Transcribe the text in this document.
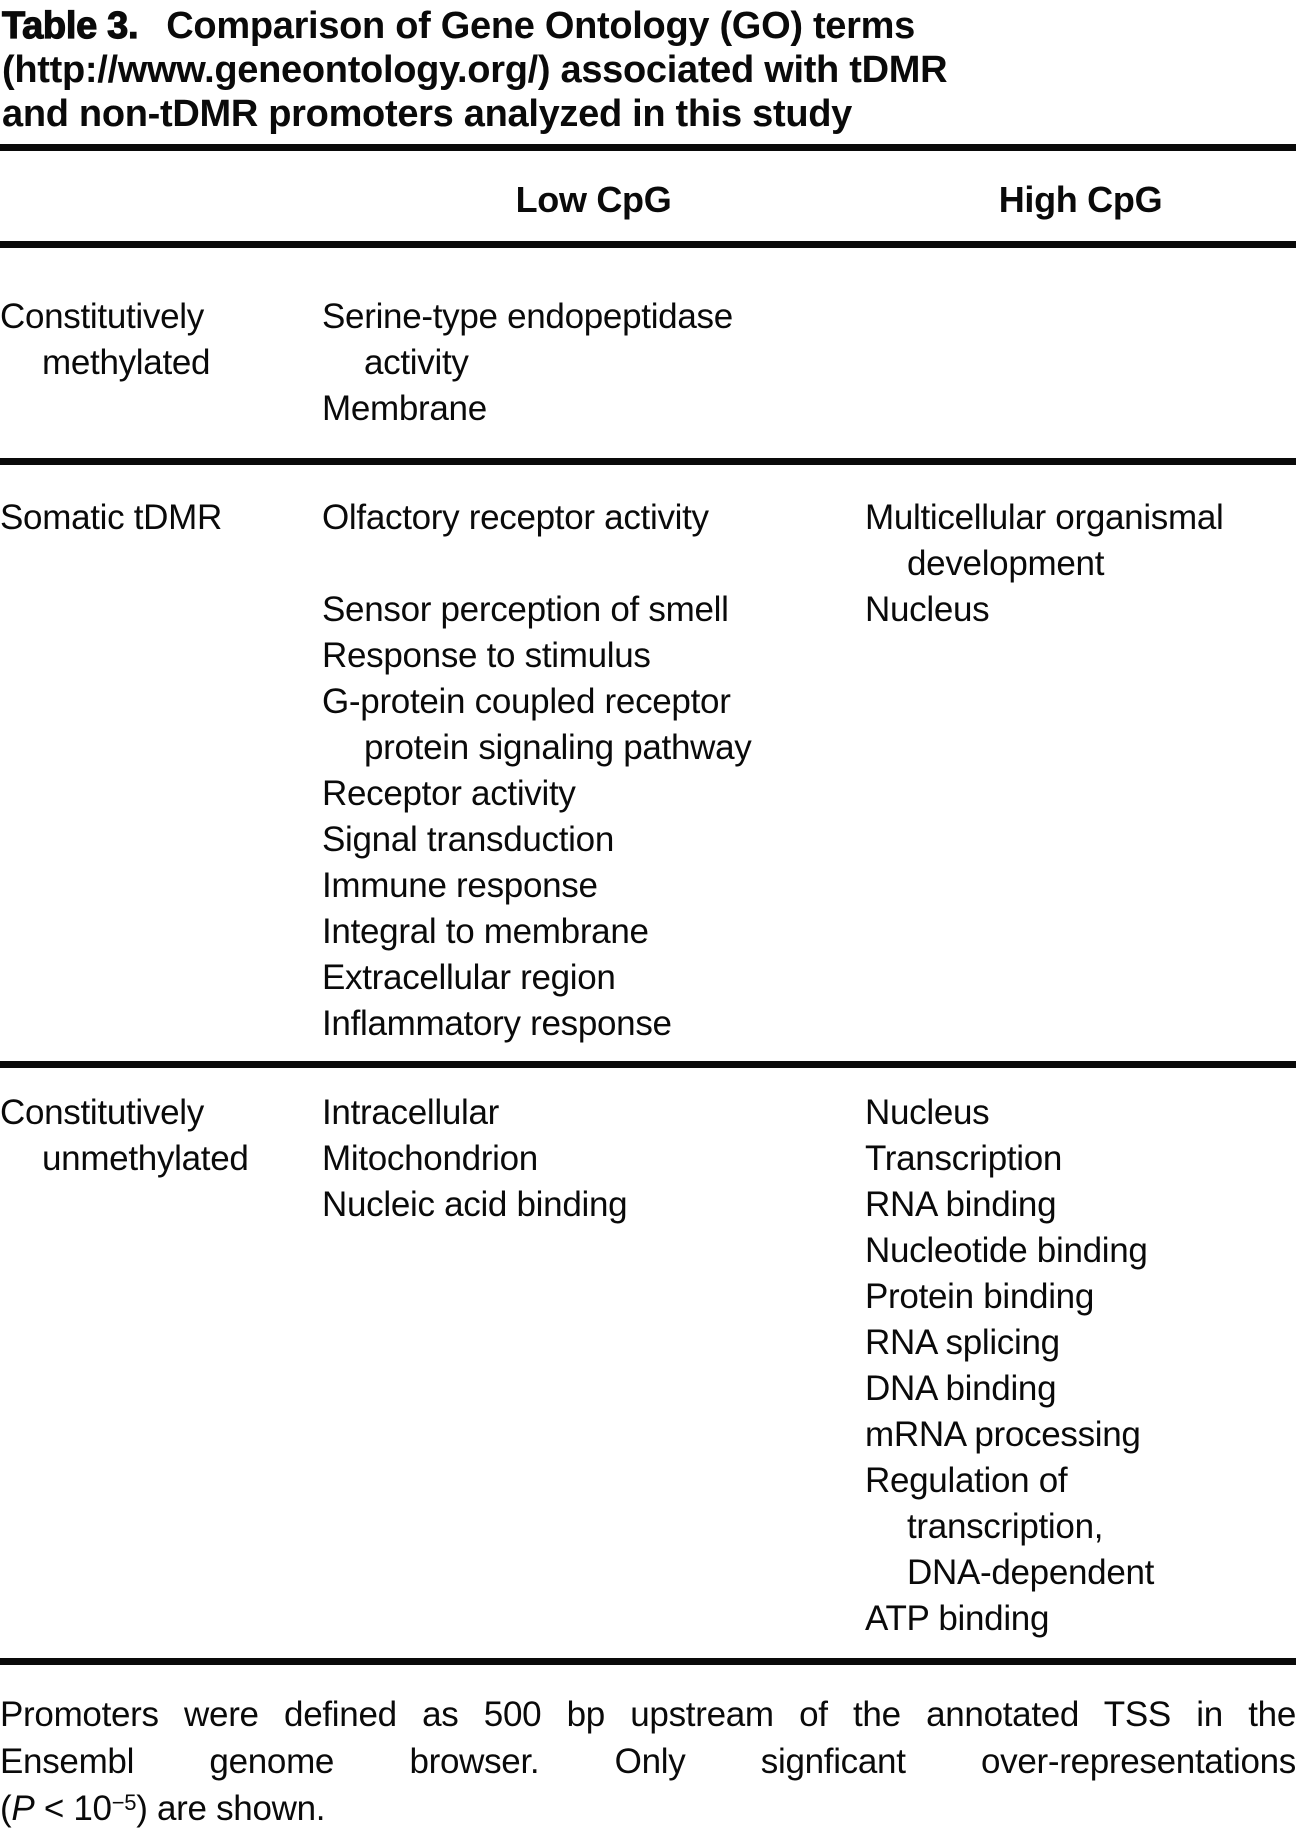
Table 3. Comparison of Gene Ontology (GO) terms
(http://www.geneontology.org/) associated with tDMR
and non-tDMR promoters analyzed in this study
Low CpG	High CpG
Constitutively
methylated
Serine-type endopeptidase
activity
Membrane
Somatic tDMR	Olfactory receptor activity

Sensor perception of smell
Response to stimulus
G-protein coupled receptor
protein signaling pathway
Receptor activity
Signal transduction
Immune response
Integral to membrane
Extracellular region
Inflammatory response
Multicellular organismal
development
Nucleus
Constitutively
unmethylated
Intracellular
Mitochondrion
Nucleic acid binding
Nucleus
Transcription
RNA binding
Nucleotide binding
Protein binding
RNA splicing
DNA binding
mRNA processing
Regulation of
transcription,
DNA-dependent
ATP binding
Promoters were defined as 500 bp upstream of the annotated TSS in the
Ensembl genome browser. Only signficant over-representations
$(P < 10^{-5})$ are shown.
